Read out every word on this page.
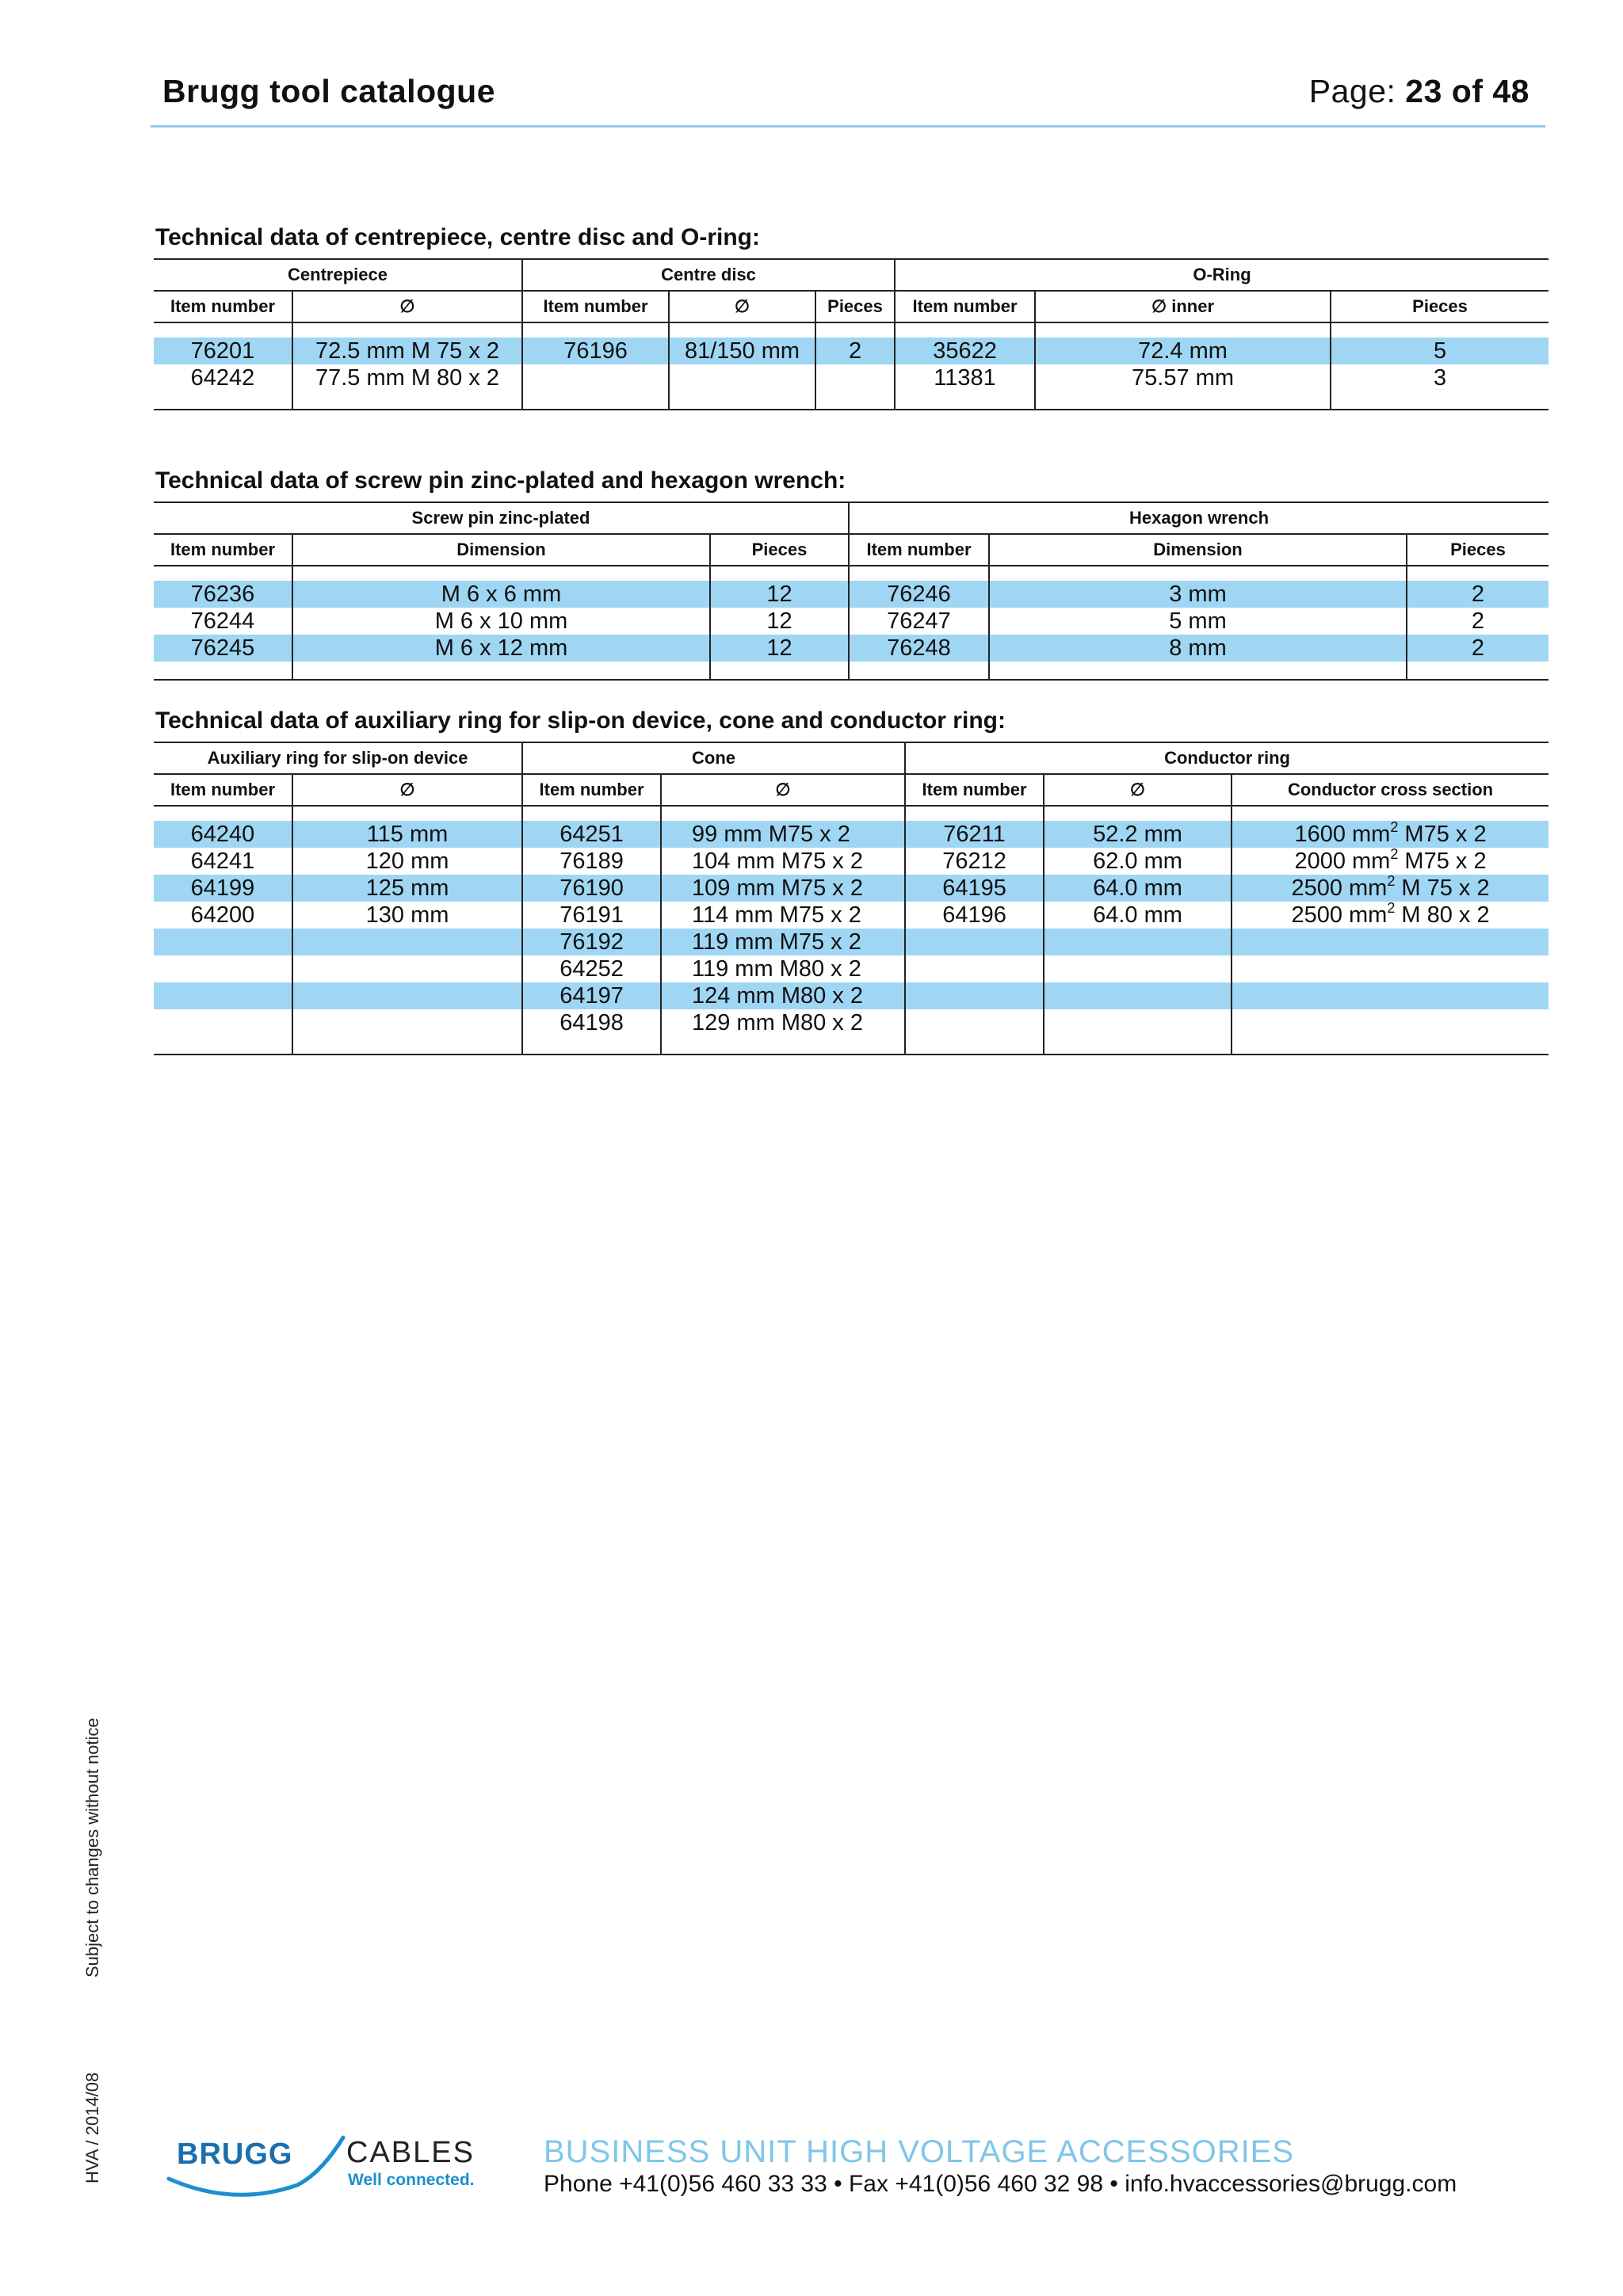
Brugg tool catalogue	Page: 23 of 48
Technical data of centrepiece, centre disc and O-ring:
Centrepiece		Centre disc			O-Ring		
Item number	∅	Item number	∅	Pieces	Item number	∅ inner	Pieces

76201	72.5 mm M 75 x 2	76196	81/150 mm	2	35622	72.4 mm	5
64242	77.5 mm M 80 x 2				11381	75.57 mm	3

Technical data of screw pin zinc-plated and hexagon wrench:
Screw pin zinc-plated			Hexagon wrench		
Item number	Dimension	Pieces	Item number	Dimension	Pieces

76236	M 6 x 6 mm	12	76246	3 mm	2
76244	M 6 x 10 mm	12	76247	5 mm	2
76245	M 6 x 12 mm	12	76248	8 mm	2

Technical data of auxiliary ring for slip-on device, cone and conductor ring:
Auxiliary ring for slip-on device		Cone		Conductor ring		
Item number	∅	Item number	∅	Item number	∅	Conductor cross section

64240	115 mm	64251	99 mm M75 x 2	76211	52.2 mm	1600 $mm^2$ M75 x 2
64241	120 mm	76189	104 mm M75 x 2	76212	62.0 mm	2000 $mm^2$ M75 x 2
64199	125 mm	76190	109 mm M75 x 2	64195	64.0 mm	2500 $mm^2$ M 75 x 2
64200	130 mm	76191	114 mm M75 x 2	64196	64.0 mm	2500 $mm^2$ M 80 x 2
		76192	119 mm M75 x 2			
		64252	119 mm M80 x 2			
		64197	124 mm M80 x 2			
		64198	129 mm M80 x 2			

Subject to changes without notice
HVA / 2014/08 BRUGG CABLES
Well connected.
BUSINESS UNIT HIGH VOLTAGE ACCESSORIES
Phone +41(0)56 460 33 33 • Fax +41(0)56 460 32 98 • info.hvaccessories@brugg.com
